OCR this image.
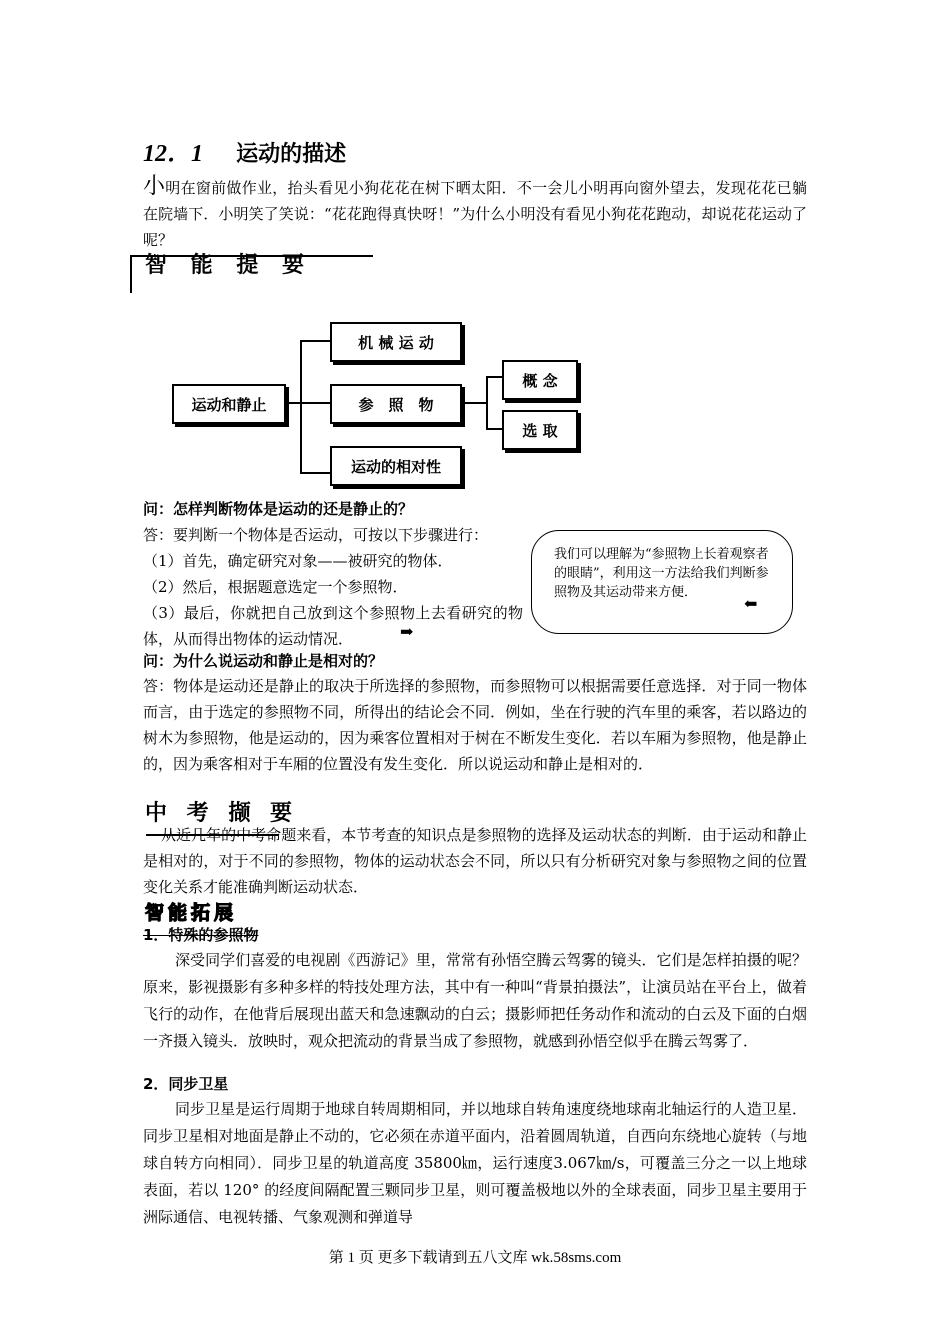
12．1 运动的描述
小明在窗前做作业，抬头看见小狗花花在树下晒太阳．不一会儿小明再向窗外望去，发现花花已躺在院墙下．小明笑了笑说：“花花跑得真快呀！”为什么小明没有看见小狗花花跑动，却说花花运动了呢？
智 能 提 要
运动和静止
机 械 运 动
参　照　物
运动的相对性
概 念
选 取
问：怎样判断物体是运动的还是静止的？
答：要判断一个物体是否运动，可按以下步骤进行：
（1）首先，确定研究对象——被研究的物体．
（2）然后，根据题意选定一个参照物．
（3）最后，你就把自己放到这个参照物上去看研究的物体，从而得出物体的运动情况．	➡
我们可以理解为“参照物上长着观察者的眼睛”，利用这一方法给我们判断参照物及其运动带来方便．
⬅
问：为什么说运动和静止是相对的？
答：物体是运动还是静止的取决于所选择的参照物，而参照物可以根据需要任意选择．对于同一物体而言，由于选定的参照物不同，所得出的结论会不同．例如，坐在行驶的汽车里的乘客，若以路边的树木为参照物，他是运动的，因为乘客位置相对于树在不断发生变化．若以车厢为参照物，他是静止的，因为乘客相对于车厢的位置没有发生变化．所以说运动和静止是相对的．
中 考 撷 要
从近几年的中考命题来看，本节考查的知识点是参照物的选择及运动状态的判断．由于运动和静止是相对的，对于不同的参照物，物体的运动状态会不同，所以只有分析研究对象与参照物之间的位置变化关系才能准确判断运动状态．
智能拓展
1．特殊的参照物
深受同学们喜爱的电视剧《西游记》里，常常有孙悟空腾云驾雾的镜头．它们是怎样拍摄的呢？原来，影视摄影有多种多样的特技处理方法，其中有一种叫“背景拍摄法”，让演员站在平台上，做着飞行的动作，在他背后展现出蓝天和急速飘动的白云；摄影师把任务动作和流动的白云及下面的白烟一齐摄入镜头．放映时，观众把流动的背景当成了参照物，就感到孙悟空似乎在腾云驾雾了．
2．同步卫星
同步卫星是运行周期于地球自转周期相同，并以地球自转角速度绕地球南北轴运行的人造卫星．同步卫星相对地面是静止不动的，它必须在赤道平面内，沿着圆周轨道，自西向东绕地心旋转（与地球自转方向相同）．同步卫星的轨道高度 35800㎞，运行速度3.067㎞/s，可覆盖三分之一以上地球表面，若以 120° 的经度间隔配置三颗同步卫星，则可覆盖极地以外的全球表面，同步卫星主要用于洲际通信、电视转播、气象观测和弹道导
第 1 页 更多下载请到五八文库 wk.58sms.com
